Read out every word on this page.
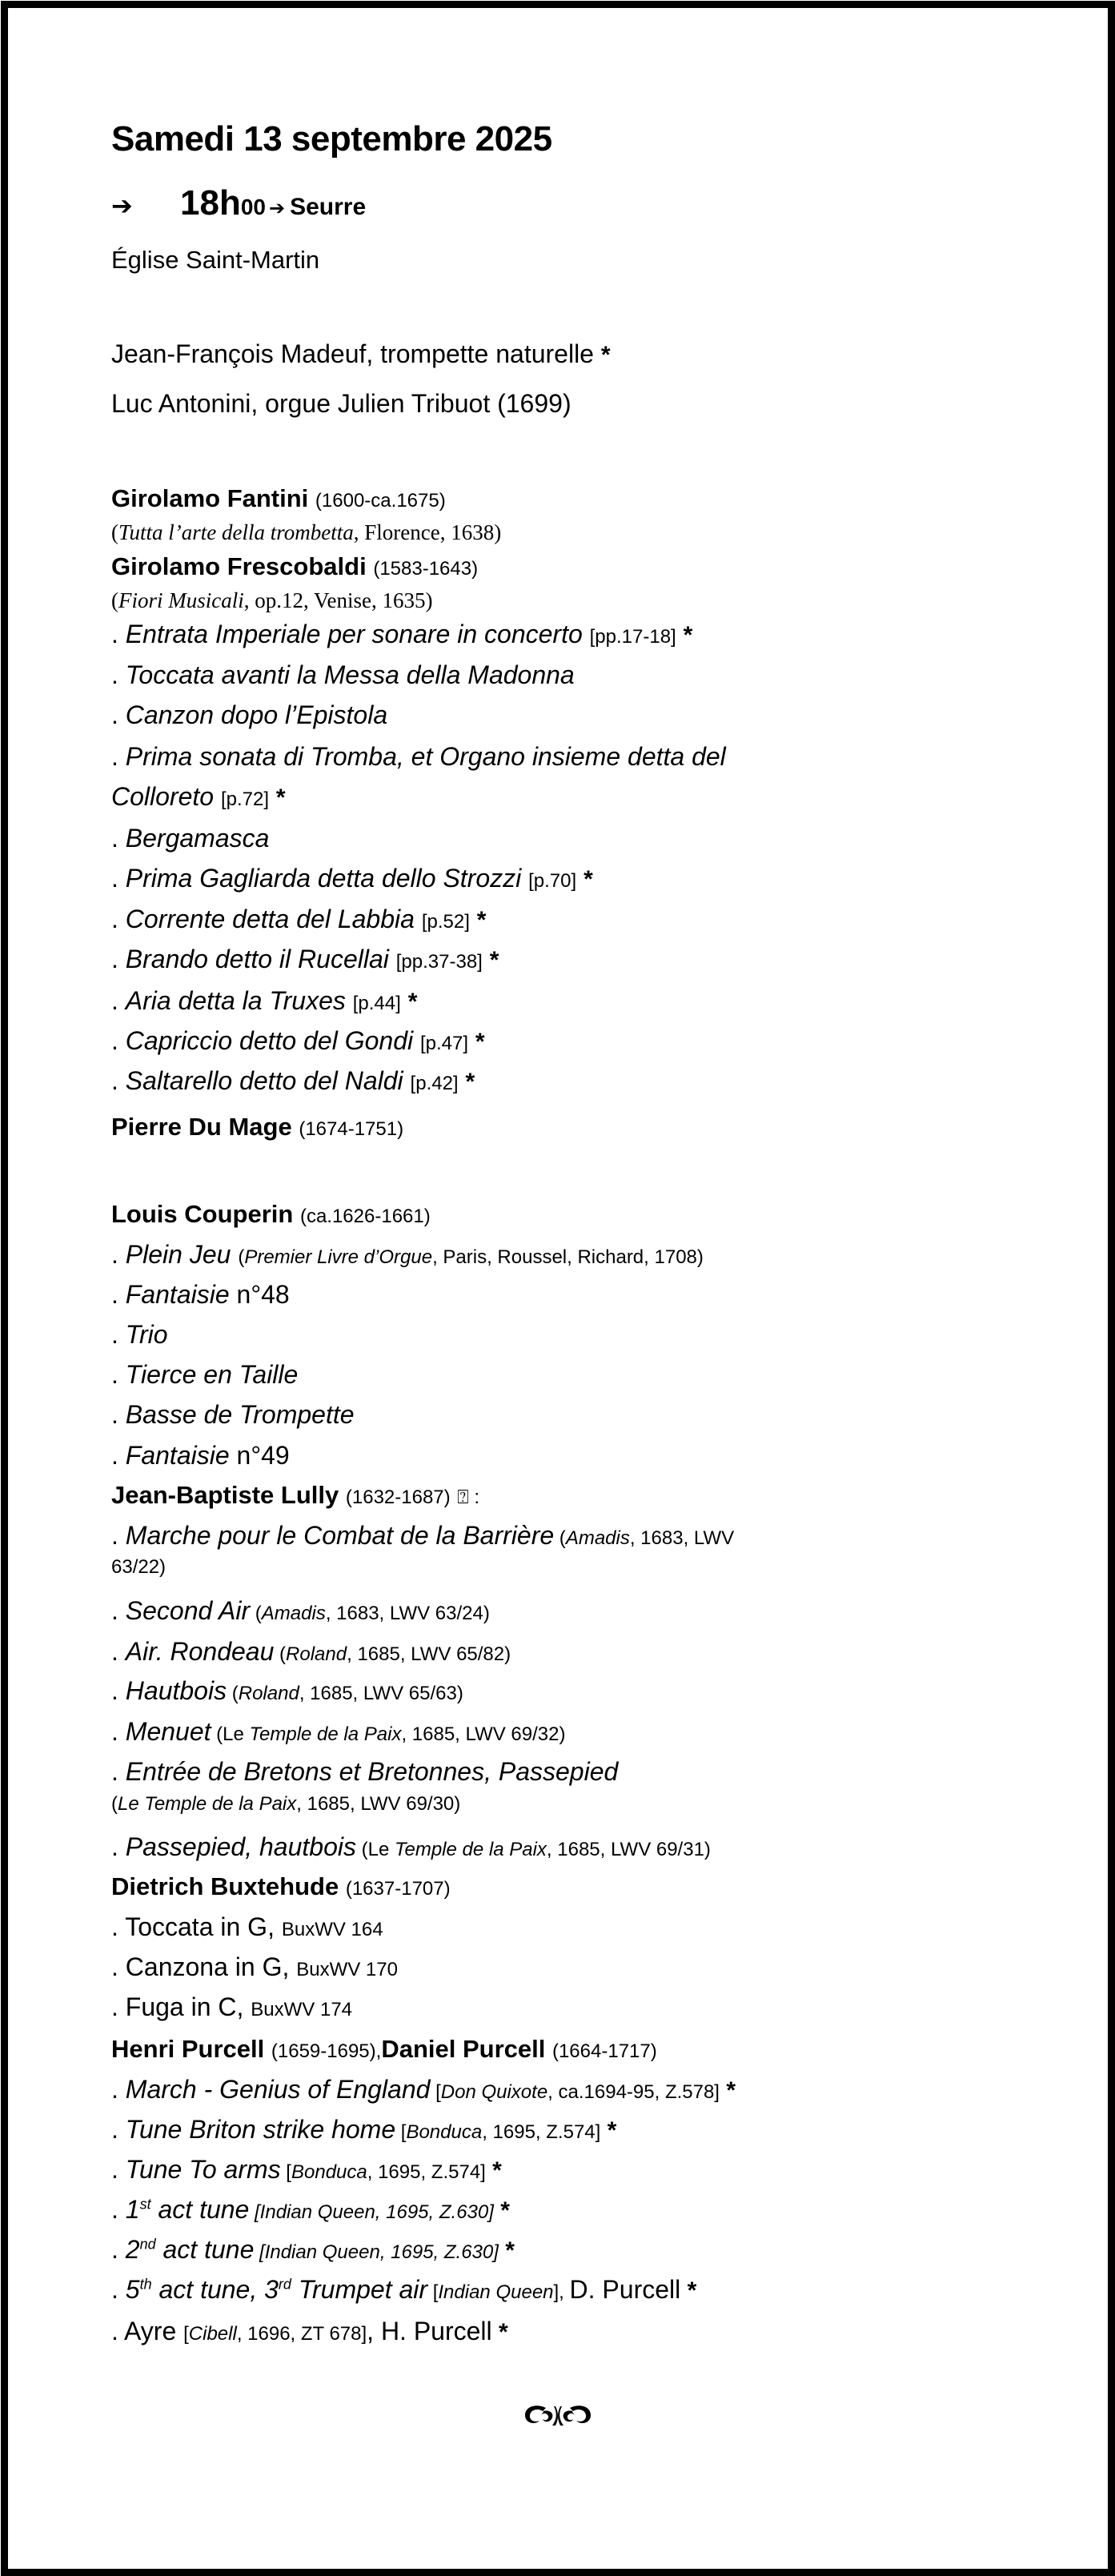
Samedi 13 septembre 2025
➔ 18h00 ➔ Seurre
Église Saint-Martin
Jean-François Madeuf, trompette naturelle *
Luc Antonini, orgue Julien Tribuot (1699)
Girolamo Fantini (1600-ca.1675)
(Tutta l’arte della trombetta, Florence, 1638)
Girolamo Frescobaldi (1583-1643)
(Fiori Musicali, op.12, Venise, 1635)
. Entrata Imperiale per sonare in concerto [pp.17-18] *
. Toccata avanti la Messa della Madonna
. Canzon dopo l’Epistola
. Prima sonata di Tromba, et Organo insieme detta del
Colloreto [p.72] *
. Bergamasca
. Prima Gagliarda detta dello Strozzi [p.70] *
. Corrente detta del Labbia [p.52] *
. Brando detto il Rucellai [pp.37-38] *
. Aria detta la Truxes [p.44] *
. Capriccio detto del Gondi [p.47] *
. Saltarello detto del Naldi [p.42] *
Pierre Du Mage (1674-1751)
Louis Couperin (ca.1626-1661)
. Plein Jeu (Premier Livre d’Orgue, Paris, Roussel, Richard, 1708)
. Fantaisie n°48
. Trio
. Tierce en Taille
. Basse de Trompette
. Fantaisie n°49
Jean-Baptiste Lully (1632-1687) ⍰ :
. Marche pour le Combat de la Barrière (Amadis, 1683, LWV
63/22)
. Second Air (Amadis, 1683, LWV 63/24)
. Air. Rondeau (Roland, 1685, LWV 65/82)
. Hautbois (Roland, 1685, LWV 65/63)
. Menuet (Le Temple de la Paix, 1685, LWV 69/32)
. Entrée de Bretons et Bretonnes, Passepied
(Le Temple de la Paix, 1685, LWV 69/30)
. Passepied, hautbois (Le Temple de la Paix, 1685, LWV 69/31)
Dietrich Buxtehude (1637-1707)
. Toccata in G, BuxWV 164
. Canzona in G, BuxWV 170
. Fuga in C, BuxWV 174
Henri Purcell (1659-1695),Daniel Purcell (1664-1717)
. March - Genius of England [Don Quixote, ca.1694-95, Z.578] *
. Tune Briton strike home [Bonduca, 1695, Z.574] *
. Tune To arms [Bonduca, 1695, Z.574] *
. 1st act tune [Indian Queen, 1695, Z.630] *
. 2nd act tune [Indian Queen, 1695, Z.630] *
. 5th act tune, 3rd Trumpet air [Indian Queen], D. Purcell *
. Ayre [Cibell, 1696, ZT 678], H. Purcell *
